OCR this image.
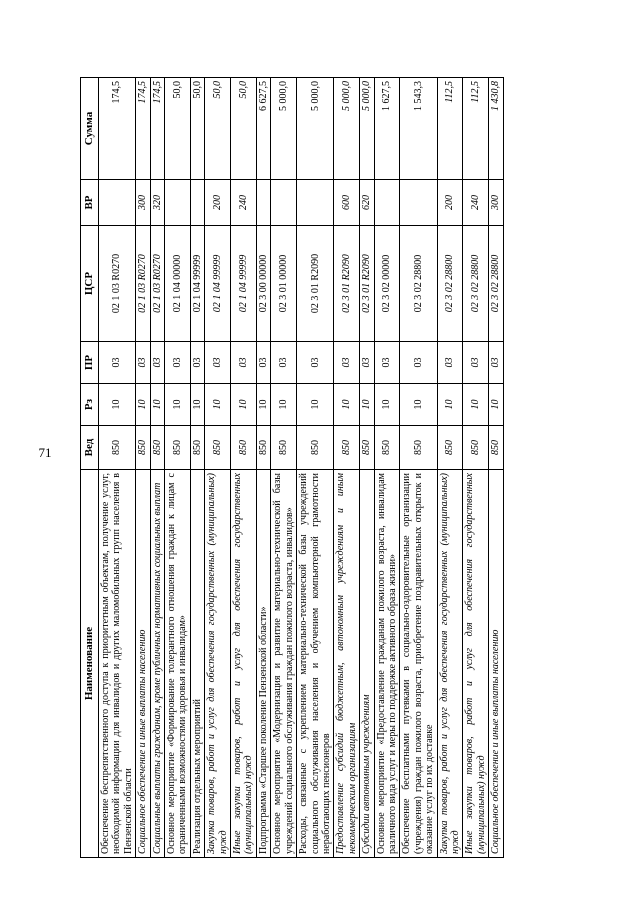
71
Наименование	Вед	Рз	ПР	ЦСР	ВР	Сумма
Обеспечение беспрепятственного доступа к приоритетным объектам, получение услуг, необходимой информации для инвалидов и других маломобильных групп населения в Пензенской области	850	10	03	02 1 03 R0270		174,5
Социальное обеспечение и иные выплаты населению	850	10	03	02 1 03 R0270	300	174,5
Социальные выплаты гражданам, кроме публичных нормативных социальных выплат	850	10	03	02 1 03 R0270	320	174,5
Основное мероприятие «Формирование толерантного отношения граждан к лицам с ограниченными возможностями здоровья и инвалидам»	850	10	03	02 1 04 00000		50,0
Реализация отдельных мероприятий	850	10	03	02 1 04 99999		50,0
Закупка товаров, работ и услуг для обеспечения государственных (муниципальных) нужд	850	10	03	02 1 04 99999	200	50,0
Иные закупки товаров, работ и услуг для обеспечения государственных (муниципальных) нужд	850	10	03	02 1 04 99999	240	50,0
Подпрограмма «Старшее поколение Пензенской области»	850	10	03	02 3 00 00000		6 627,5
Основное мероприятие «Модернизация и развитие материально-технической базы учреждений социального обслуживания граждан пожилого возраста, инвалидов»	850	10	03	02 3 01 00000		5 000,0
Расходы, связанные с укреплением материально-технической базы учреждений социального обслуживания населения и обучением компьютерной грамотности неработающих пенсионеров	850	10	03	02 3 01 R2090		5 000,0
Предоставление субсидий бюджетным, автономным учреждениям и иным некоммерческим организациям	850	10	03	02 3 01 R2090	600	5 000,0
Субсидии автономным учреждениям	850	10	03	02 3 01 R2090	620	5 000,0
Основное мероприятие «Предоставление гражданам пожилого возраста, инвалидам различного вида услуг и меры по поддержке активного образа жизни»	850	10	03	02 3 02 00000		1 627,5
Обеспечение бесплатными путевками в социально-оздоровительные организации (учреждения) граждан пожилого возраста, приобретение поздравительных открыток и оказание услуг по их доставке	850	10	03	02 3 02 28800		1 543,3
Закупка товаров, работ и услуг для обеспечения государственных (муниципальных) нужд	850	10	03	02 3 02 28800	200	112,5
Иные закупки товаров, работ и услуг для обеспечения государственных (муниципальных) нужд	850	10	03	02 3 02 28800	240	112,5
Социальное обеспечение и иные выплаты населению	850	10	03	02 3 02 28800	300	1 430,8
